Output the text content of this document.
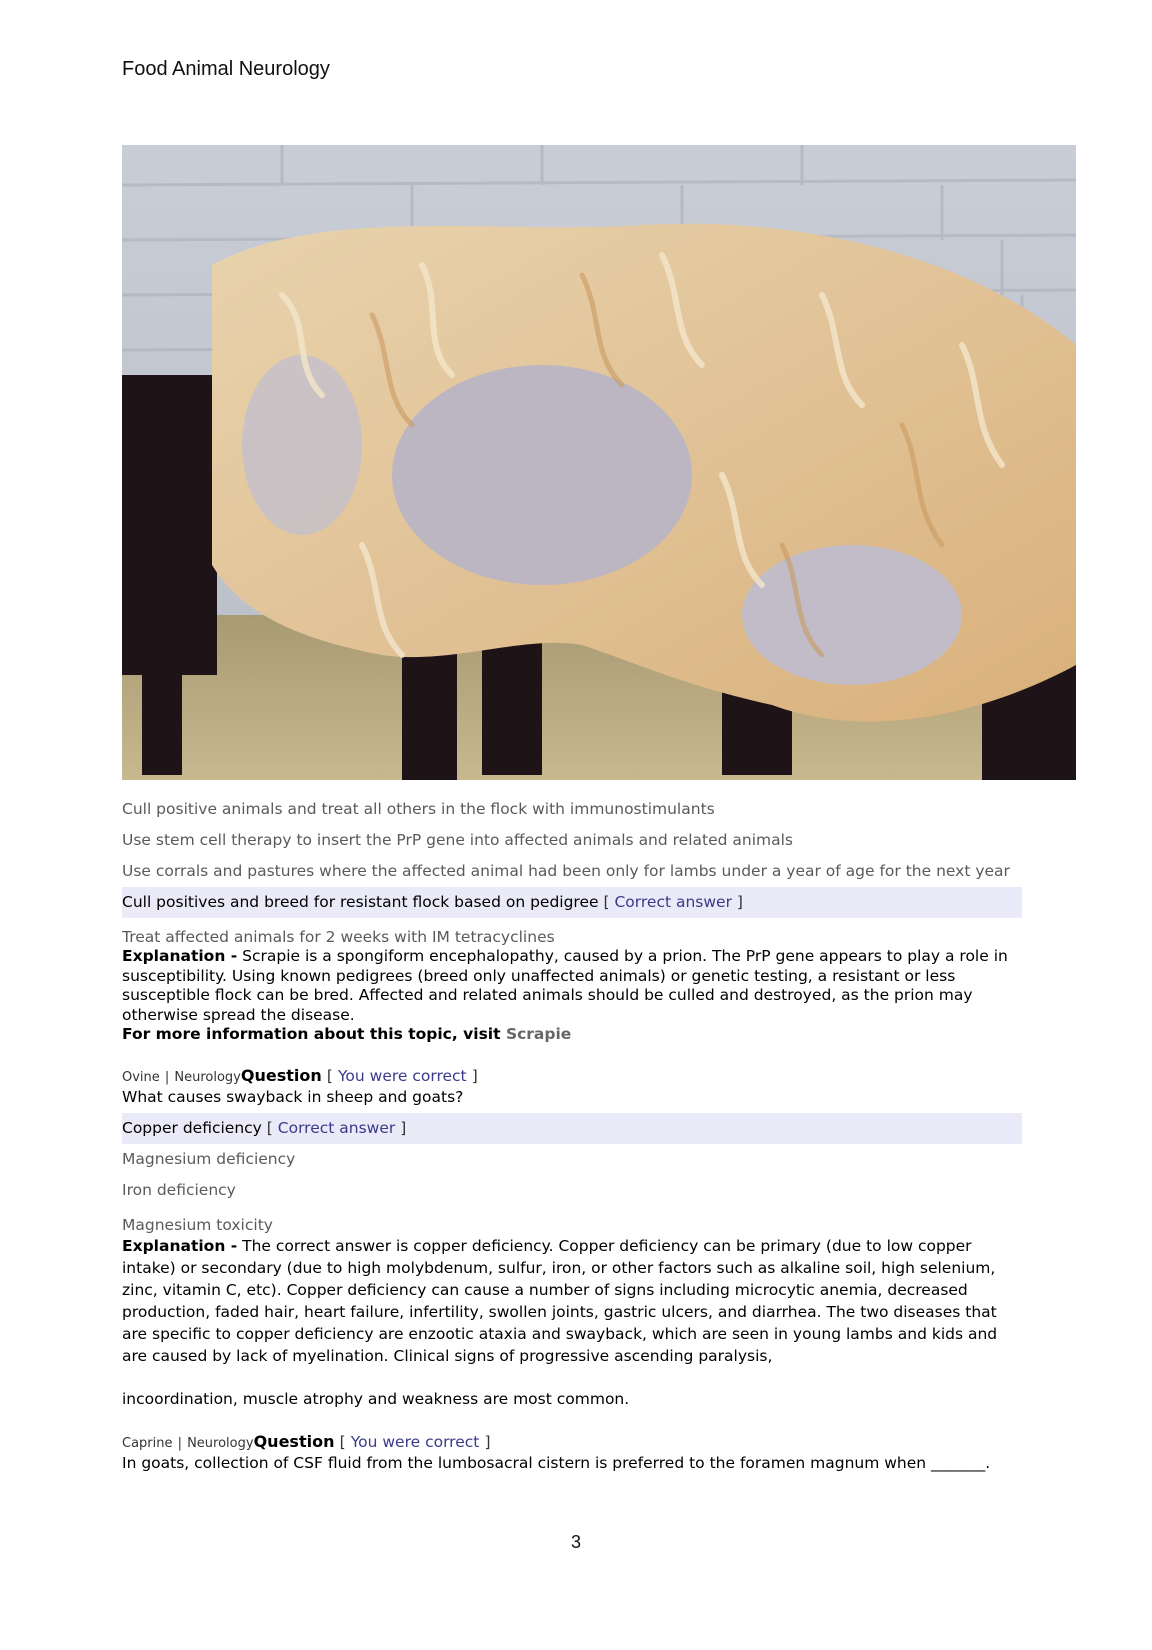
Food Animal Neurology
Cull positive animals and treat all others in the flock with immunostimulants
Use stem cell therapy to insert the PrP gene into affected animals and related animals
Use corrals and pastures where the affected animal had been only for lambs under a year of age for the next year
Cull positives and breed for resistant flock based on pedigree [ Correct answer ]
Treat affected animals for 2 weeks with IM tetracyclines
Explanation - Scrapie is a spongiform encephalopathy, caused by a prion. The PrP gene appears to play a role in susceptibility. Using known pedigrees (breed only unaffected animals) or genetic testing, a resistant or less susceptible flock can be bred. Affected and related animals should be culled and destroyed, as the prion may otherwise spread the disease.
For more information about this topic, visit Scrapie
Ovine | NeurologyQuestion [ You were correct ]
What causes swayback in sheep and goats?
Copper deficiency [ Correct answer ]
Magnesium deficiency
Iron deficiency
Magnesium toxicity
Explanation - The correct answer is copper deficiency. Copper deficiency can be primary (due to low copper intake) or secondary (due to high molybdenum, sulfur, iron, or other factors such as alkaline soil, high selenium, zinc, vitamin C, etc). Copper deficiency can cause a number of signs including microcytic anemia, decreased production, faded hair, heart failure, infertility, swollen joints, gastric ulcers, and diarrhea. The two diseases that are specific to copper deficiency are enzootic ataxia and swayback, which are seen in young lambs and kids and are caused by lack of myelination. Clinical signs of progressive ascending paralysis,
incoordination, muscle atrophy and weakness are most common.
Caprine | NeurologyQuestion [ You were correct ]
In goats, collection of CSF fluid from the lumbosacral cistern is preferred to the foramen magnum when _______.
3
